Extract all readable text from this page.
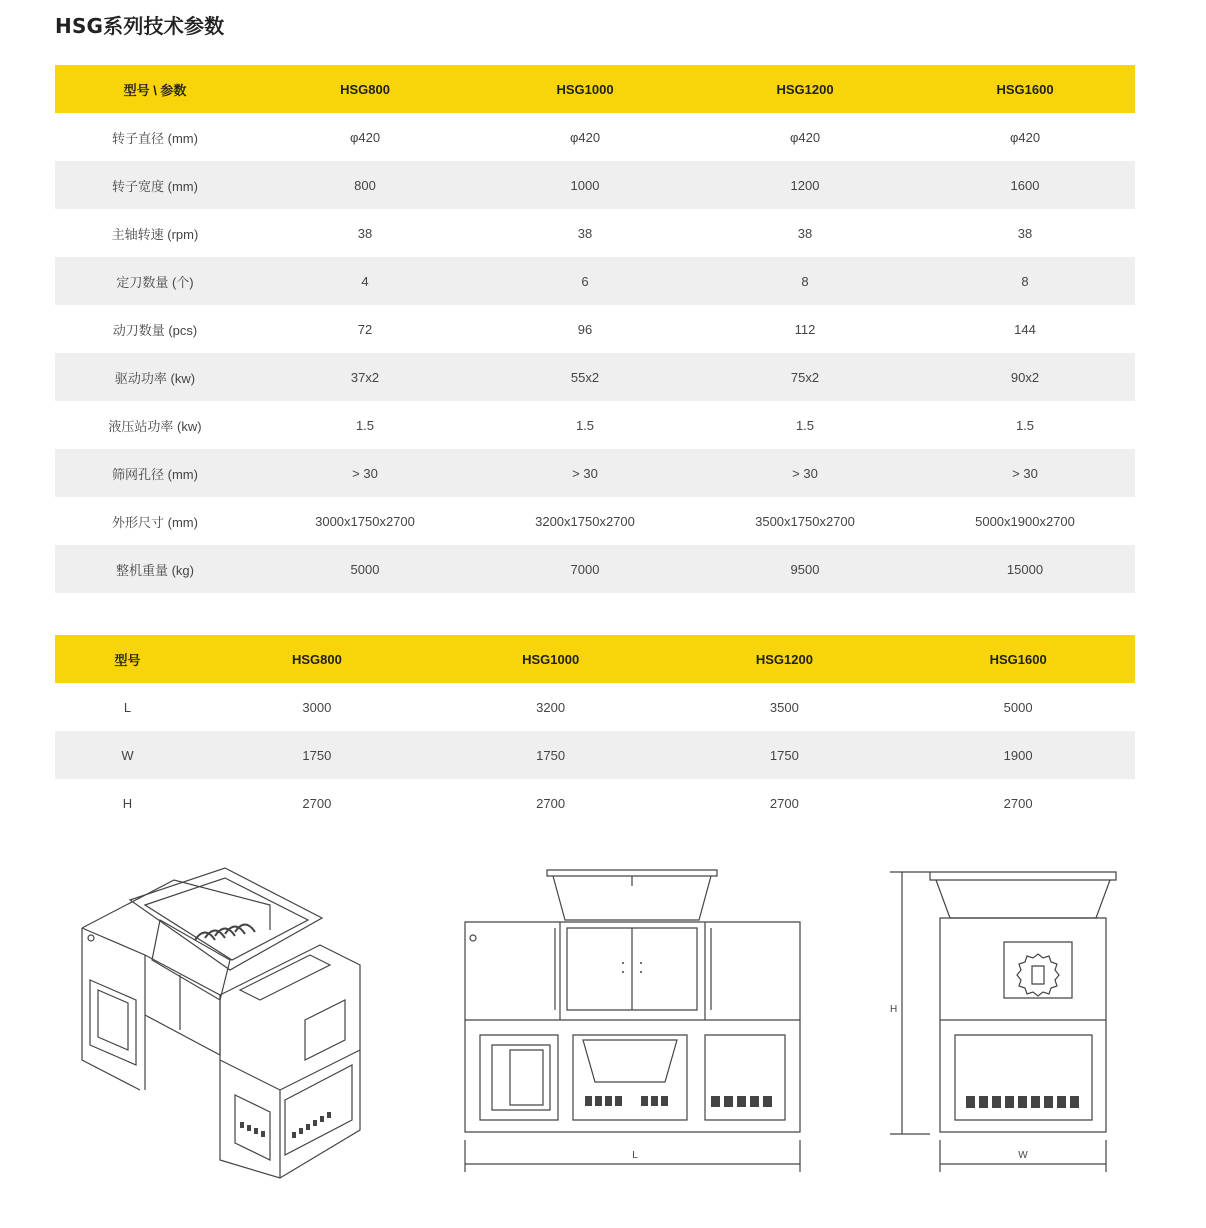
HSG系列技术参数
型号 \ 参数	HSG800	HSG1000	HSG1200	HSG1600
转子直径 (mm)	φ420	φ420	φ420	φ420
转子宽度 (mm)	800	1000	1200	1600
主轴转速 (rpm)	38	38	38	38
定刀数量 (个)	4	6	8	8
动刀数量 (pcs)	72	96	112	144
驱动功率 (kw)	37x2	55x2	75x2	90x2
液压站功率 (kw)	1.5	1.5	1.5	1.5
筛网孔径 (mm)	> 30	> 30	> 30	> 30
外形尺寸 (mm)	3000x1750x2700	3200x1750x2700	3500x1750x2700	5000x1900x2700
整机重量 (kg)	5000	7000	9500	15000
型号	HSG800	HSG1000	HSG1200	HSG1600
L	3000	3200	3500	5000
W	1750	1750	1750	1900
H	2700	2700	2700	2700
L
H
W
